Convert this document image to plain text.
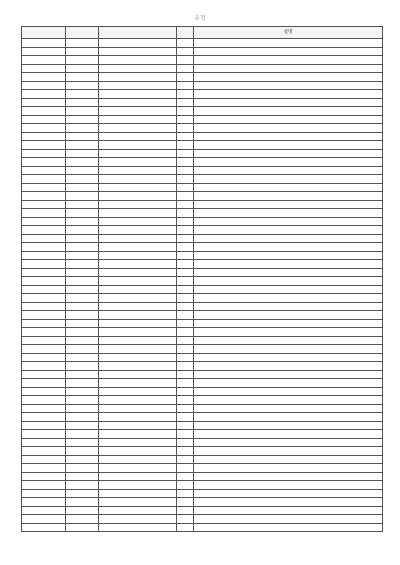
유형
				설명
